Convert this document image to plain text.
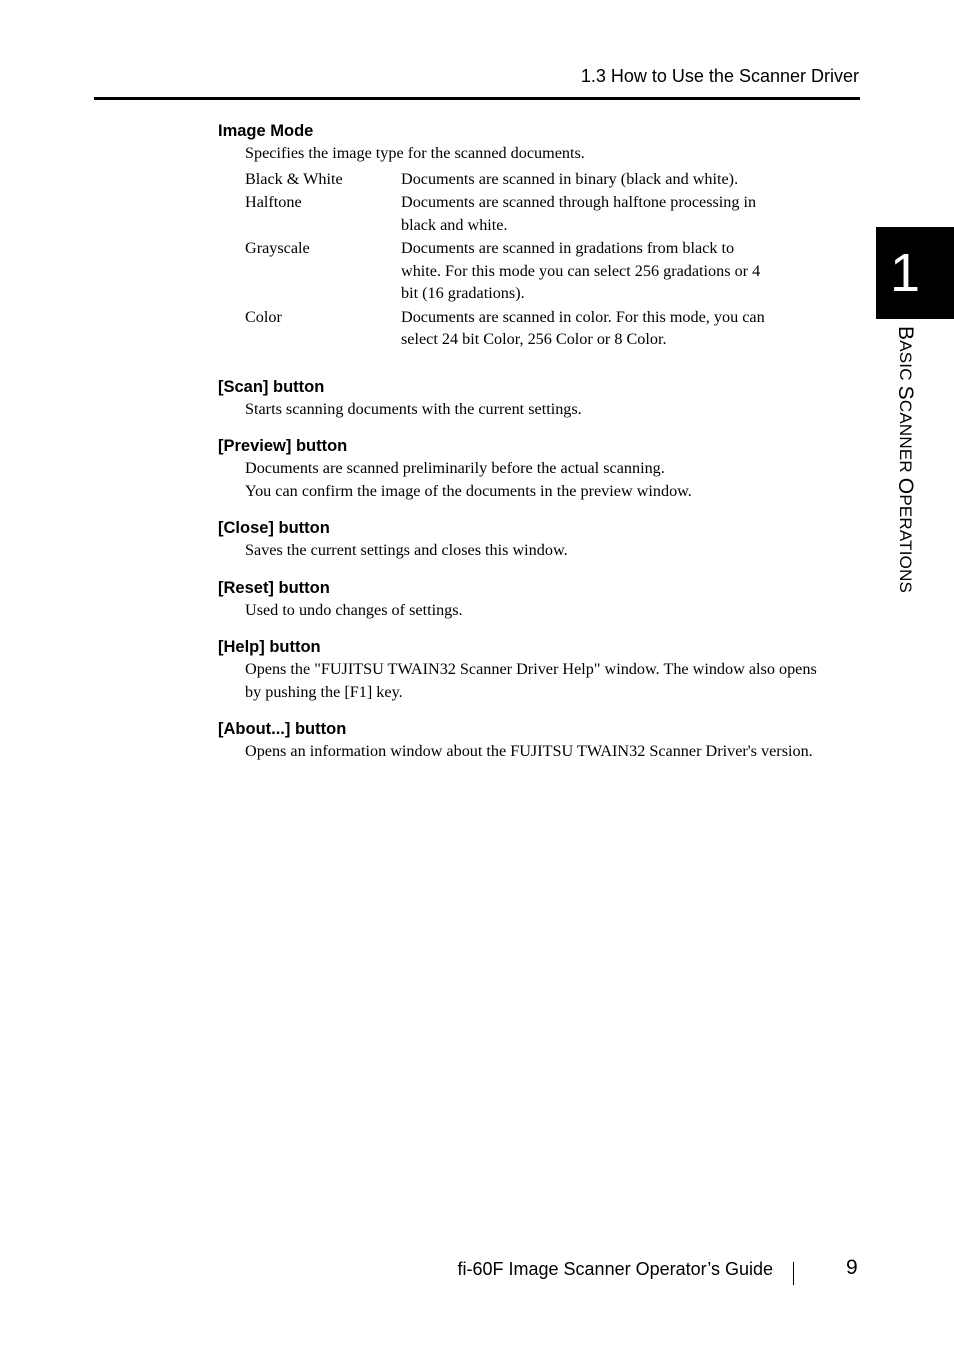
1.3 How to Use the Scanner Driver
1
BASIC SCANNER OPERATIONS

Image Mode

Specifies the image type for the scanned documents.

Black & White	Documents are scanned in binary (black and white).
Halftone	Documents are scanned through halftone processing in black and white.
Grayscale	Documents are scanned in gradations from black to white. For this mode you can select 256 gradations or 4 bit (16 gradations).
Color	Documents are scanned in color. For this mode, you can select 24 bit Color, 256 Color or 8 Color.

[Scan] button

Starts scanning documents with the current settings.

[Preview] button

Documents are scanned preliminarily before the actual scanning.

You can confirm the image of the documents in the preview window.

[Close] button

Saves the current settings and closes this window.

[Reset] button

Used to undo changes of settings.

[Help] button

Opens the "FUJITSU TWAIN32 Scanner Driver Help" window. The window also opens by pushing the [F1] key.

[About...] button

Opens an information window about the FUJITSU TWAIN32 Scanner Driver's version.

fi-60F Image Scanner Operator’s Guide	9
